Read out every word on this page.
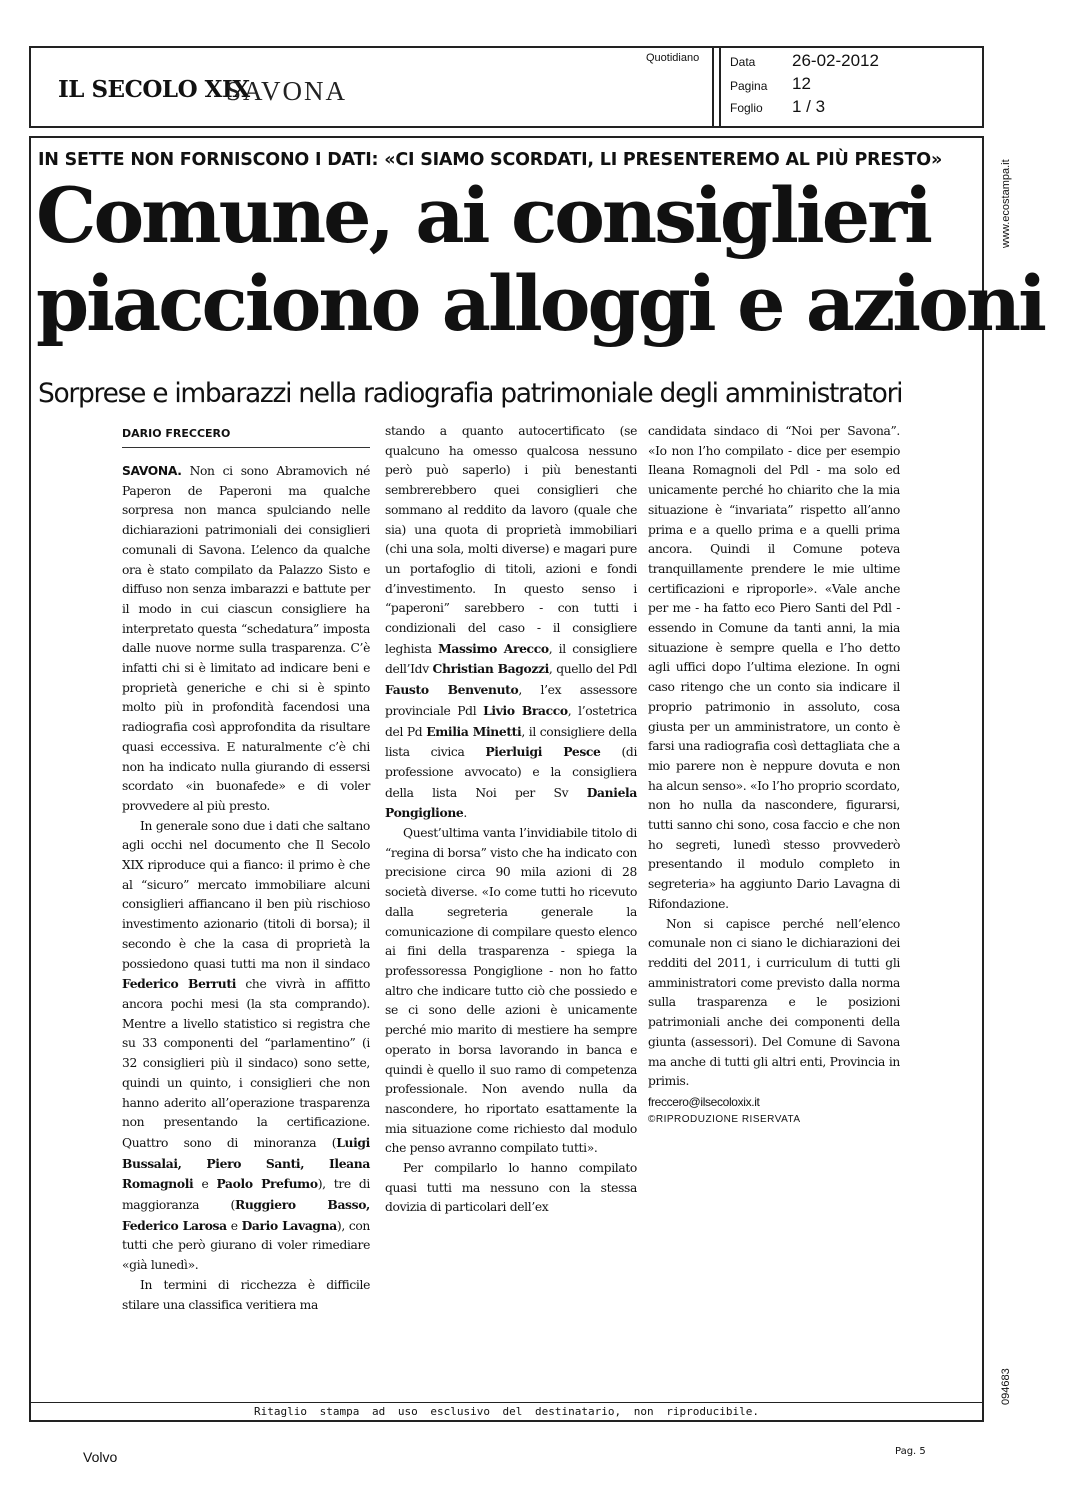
IL SECOLO XIX
SAVONA
Quotidiano	Data 26-02-2012
Pagina 12
Foglio 1 / 3
IN SETTE NON FORNISCONO I DATI: «CI SIAMO SCORDATI, LI PRESENTEREMO AL PIÙ PRESTO»
Comune, ai consiglieri
piacciono alloggi e azioni
Sorprese e imbarazzi nella radiografia patrimoniale degli amministratori
DARIO FRECCERO

SAVONA. Non ci sono Abramovich né Paperon de Paperoni ma qualche sorpresa non manca spulciando nelle dichiarazioni patrimoniali dei consiglieri comunali di Savona. L’elenco da qualche ora è stato compilato da Palazzo Sisto e diffuso non senza imbarazzi e battute per il modo in cui ciascun consigliere ha interpretato questa “schedatura” imposta dalle nuove norme sulla trasparenza. C’è infatti chi si è limitato ad indicare beni e proprietà generiche e chi si è spinto molto più in profondità facendosi una radiografia così approfondita da risultare quasi eccessiva. E naturalmente c’è chi non ha indicato nulla giurando di essersi scordato «in buonafede» e di voler provvedere al più presto.

In generale sono due i dati che saltano agli occhi nel documento che Il Secolo XIX riproduce qui a fianco: il primo è che al “sicuro” mercato immobiliare alcuni consiglieri affiancano il ben più rischioso investimento azionario (titoli di borsa); il secondo è che la casa di proprietà la possiedono quasi tutti ma non il sindaco Federico Berruti che vivrà in affitto ancora pochi mesi (la sta comprando). Mentre a livello statistico si registra che su 33 componenti del “parlamentino” (i 32 consiglieri più il sindaco) sono sette, quindi un quinto, i consiglieri che non hanno aderito all’operazione trasparenza non presentando la certificazione. Quattro sono di minoranza (Luigi Bussalai, Piero Santi, Ileana Romagnoli e Paolo Prefumo), tre di maggioranza (Ruggiero Basso, Federico Larosa e Dario Lavagna), con tutti che però giurano di voler rimediare «già lunedì».

In termini di ricchezza è difficile stilare una classifica veritiera ma

stando a quanto autocertificato (se qualcuno ha omesso qualcosa nessuno però può saperlo) i più benestanti sembrerebbero quei consiglieri che sommano al reddito da lavoro (quale che sia) una quota di proprietà immobiliari (chi una sola, molti diverse) e magari pure un portafoglio di titoli, azioni e fondi d’investimento. In questo senso i “paperoni” sarebbero - con tutti i condizionali del caso - il consigliere leghista Massimo Arecco, il consigliere dell’Idv Christian Bagozzi, quello del Pdl Fausto Benvenuto, l’ex assessore provinciale Pdl Livio Bracco, l’ostetrica del Pd Emilia Minetti, il consigliere della lista civica Pierluigi Pesce (di professione avvocato) e la consigliera della lista Noi per Sv Daniela Pongiglione.

Quest’ultima vanta l’invidiabile titolo di “regina di borsa” visto che ha indicato con precisione circa 90 mila azioni di 28 società diverse. «Io come tutti ho ricevuto dalla segreteria generale la comunicazione di compilare questo elenco ai fini della trasparenza - spiega la professoressa Pongiglione - non ho fatto altro che indicare tutto ciò che possiedo e se ci sono delle azioni è unicamente perché mio marito di mestiere ha sempre operato in borsa lavorando in banca e quindi è quello il suo ramo di competenza professionale. Non avendo nulla da nascondere, ho riportato esattamente la mia situazione come richiesto dal modulo che penso avranno compilato tutti».

Per compilarlo lo hanno compilato quasi tutti ma nessuno con la stessa dovizia di particolari dell’ex

candidata sindaco di “Noi per Savona”. «Io non l’ho compilato - dice per esempio Ileana Romagnoli del Pdl - ma solo ed unicamente perché ho chiarito che la mia situazione è “invariata” rispetto all’anno prima e a quello prima e a quelli prima ancora. Quindi il Comune poteva tranquillamente prendere le mie ultime certificazioni e riproporle». «Vale anche per me - ha fatto eco Piero Santi del Pdl - essendo in Comune da tanti anni, la mia situazione è sempre quella e l’ho detto agli uffici dopo l’ultima elezione. In ogni caso ritengo che un conto sia indicare il proprio patrimonio in assoluto, cosa giusta per un amministratore, un conto è farsi una radiografia così dettagliata che a mio parere non è neppure dovuta e non ha alcun senso». «Io l’ho proprio scordato, non ho nulla da nascondere, figurarsi, tutti sanno chi sono, cosa faccio e che non ho segreti, lunedì stesso provvederò presentando il modulo completo in segreteria» ha aggiunto Dario Lavagna di Rifondazione.

Non si capisce perché nell’elenco comunale non ci siano le dichiarazioni dei redditi del 2011, i curriculum di tutti gli amministratori come previsto dalla norma sulla trasparenza e le posizioni patrimoniali anche dei componenti della giunta (assessori). Del Comune di Savona ma anche di tutti gli altri enti, Provincia in primis.

freccero@ilsecoloxix.it
©RIPRODUZIONE RISERVATA
www.ecostampa.it
094683
Ritaglio stampa ad uso esclusivo del destinatario, non riproducibile.
Volvo	Pag. 5
